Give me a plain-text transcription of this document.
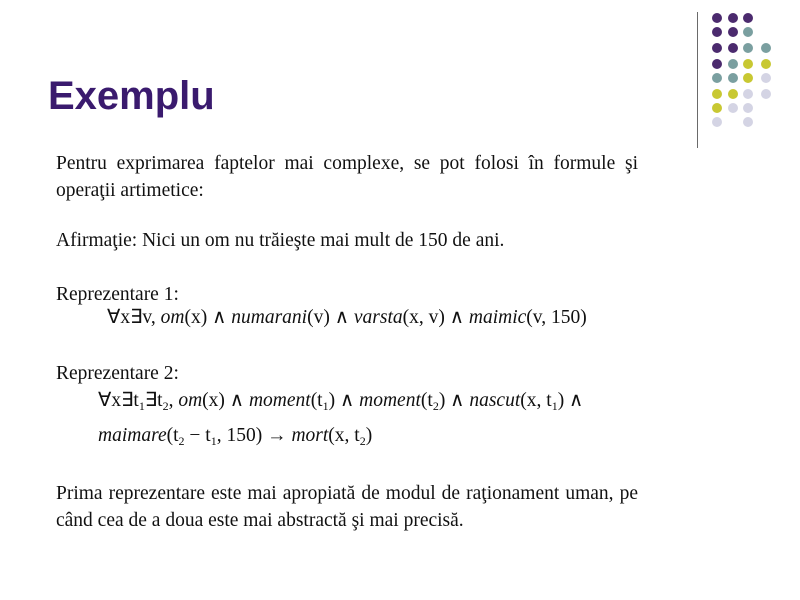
Exemplu

Pentru exprimarea faptelor mai complexe, se pot folosi în formule şi operaţii artimetice:

Afirmaţie: Nici un om nu trăieşte mai mult de 150 de ani.

Reprezentare 1:
∀x∃v, om(x) ∧ numarani(v) ∧ varsta(x, v) ∧ maimic(v, 150)
Reprezentare 2:
$\forall x\exists t_1\exists t_2$, om(x) ∧ $moment(t_1)$ ∧ $moment(t_2)$ ∧ nascut(x, $t_1$) ∧
$maimare(t_2 - t_1$, 150) → mort(x, $t_2$)

Prima reprezentare este mai apropiată de modul de raţionament uman, pe când cea de a doua este mai abstractă şi mai precisă.
